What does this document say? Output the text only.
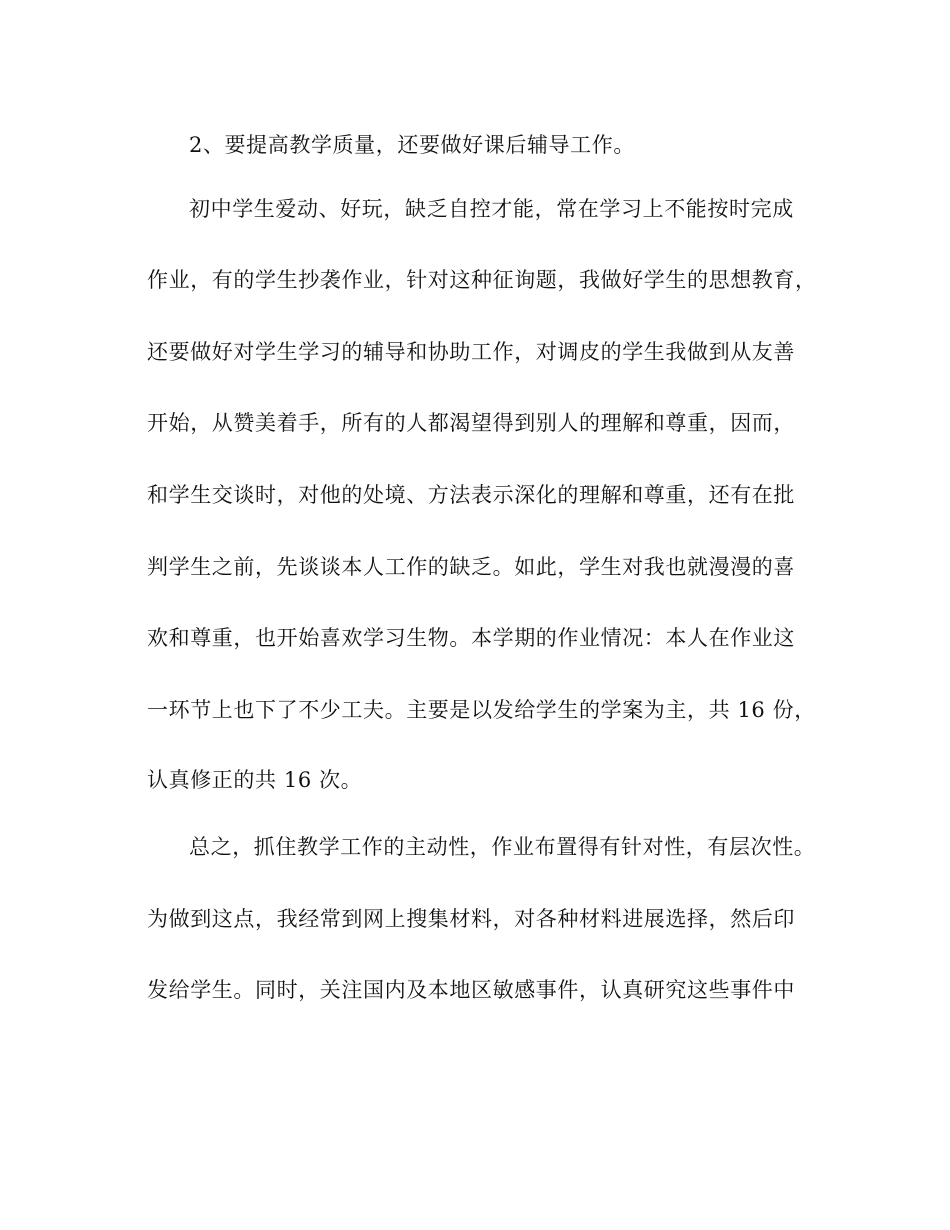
2、要提高教学质量，还要做好课后辅导工作。
初中学生爱动、好玩，缺乏自控才能，常在学习上不能按时完成
作业，有的学生抄袭作业，针对这种征询题，我做好学生的思想教育，
还要做好对学生学习的辅导和协助工作，对调皮的学生我做到从友善
开始，从赞美着手，所有的人都渴望得到别人的理解和尊重，因而，
和学生交谈时，对他的处境、方法表示深化的理解和尊重，还有在批
判学生之前，先谈谈本人工作的缺乏。如此，学生对我也就漫漫的喜
欢和尊重，也开始喜欢学习生物。本学期的作业情况：本人在作业这
一环节上也下了不少工夫。主要是以发给学生的学案为主，共 16 份，
认真修正的共 16 次。
总之，抓住教学工作的主动性，作业布置得有针对性，有层次性。
为做到这点，我经常到网上搜集材料，对各种材料进展选择，然后印
发给学生。同时，关注国内及本地区敏感事件，认真研究这些事件中
